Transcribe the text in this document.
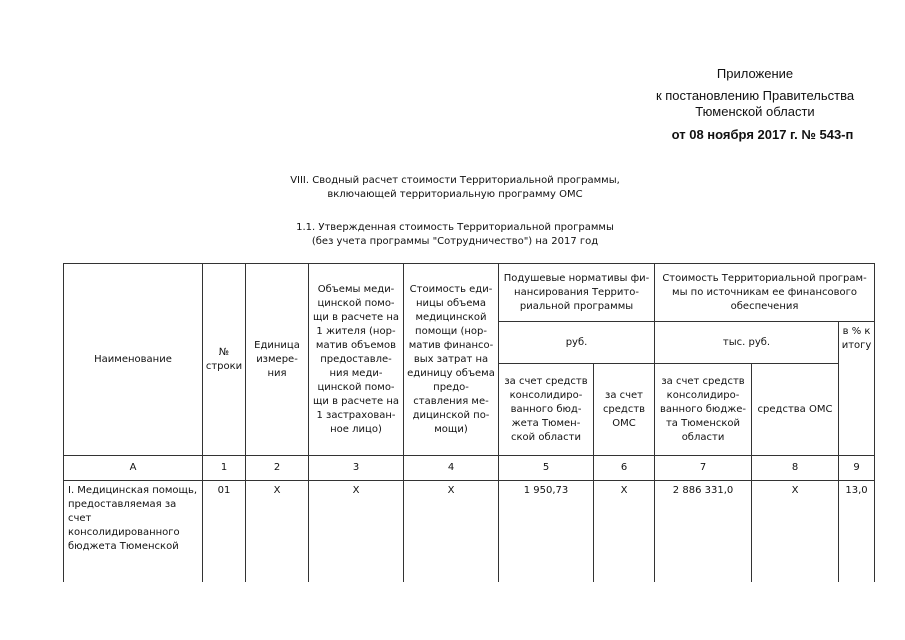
Приложение
к постановлению Правительства
Тюменской области
от 08 ноября 2017 г. № 543-п
VIII. Сводный расчет стоимости Территориальной программы,
включающей территориальную программу ОМС
1.1. Утвержденная стоимость Территориальной программы
(без учета программы "Сотрудничество") на 2017 год
Наименование	№ строки	Единица измере-ния	Объемы меди-цинской помо-щи в расчете на 1 жителя (нор-матив объемов предоставле-ния меди-цинской помо-щи в расчете на 1 застрахован-ное лицо)	Стоимость еди-ницы объема медицинской помощи (нор-матив финансо-вых затрат на единицу объема предо-ставления ме-дицинской по-мощи)	Подушевые нормативы фи-нансирования Террито-риальной программы		Стоимость Территориальной програм-мы по источникам ее финансового обеспечения		
					руб.		тыс. руб.		в % к итогу
					за счет средств консолидиро-ванного бюд-жета Тюмен-ской области	за счет средств ОМС	за счет средств консолидиро-ванного бюдже-та Тюменской области	средства ОМС	
А	1	2	3	4	5	6	7	8	9
I. Медицинская помощь, предоставляемая за счет консолидированного бюджета Тюменской	01	X	X	X	1 950,73	X	2 886 331,0	X	13,0
